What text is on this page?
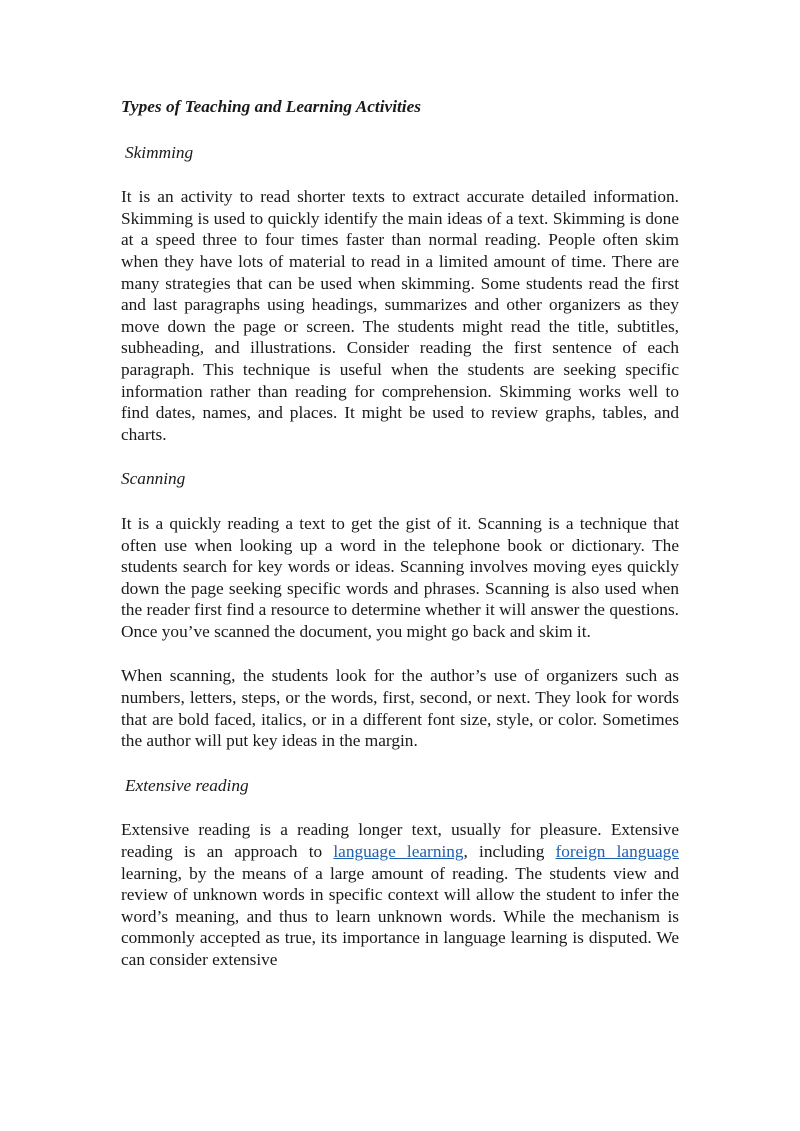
Types of Teaching and Learning Activities

Skimming

It is an activity to read shorter texts to extract accurate detailed information. Skimming is used to quickly identify the main ideas of a text. Skimming is done at a speed three to four times faster than normal reading. People often skim when they have lots of material to read in a limited amount of time. There are many strategies that can be used when skimming. Some students read the first and last paragraphs using headings, summarizes and other organizers as they move down the page or screen. The students might read the title, subtitles, subheading, and illustrations. Consider reading the first sentence of each paragraph. This technique is useful when the students are seeking specific information rather than reading for comprehension. Skimming works well to find dates, names, and places. It might be used to review graphs, tables, and charts.

Scanning

It is a quickly reading a text to get the gist of it. Scanning is a technique that often use when looking up a word in the telephone book or dictionary. The students search for key words or ideas. Scanning involves moving eyes quickly down the page seeking specific words and phrases. Scanning is also used when the reader first find a resource to determine whether it will answer the questions. Once you’ve scanned the document, you might go back and skim it.

When scanning, the students look for the author’s use of organizers such as numbers, letters, steps, or the words, first, second, or next. They look for words that are bold faced, italics, or in a different font size, style, or color. Sometimes the author will put key ideas in the margin.

Extensive reading

Extensive reading is a reading longer text, usually for pleasure. Extensive reading is an approach to language learning, including foreign language learning, by the means of a large amount of reading. The students view and review of unknown words in specific context will allow the student to infer the word’s meaning, and thus to learn unknown words. While the mechanism is commonly accepted as true, its importance in language learning is disputed. We can consider extensive
